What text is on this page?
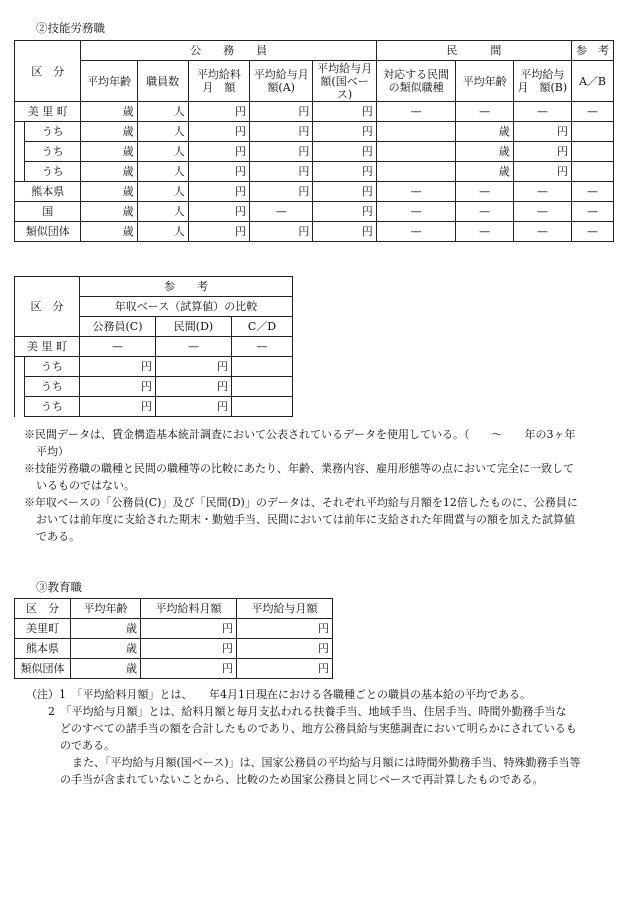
②技能労務職
区　分		公　　務　　員					民　　　間			参　考
		平均年齢	職員数	平均給料月　額	平均給与月　額(A)	平均給与月　額(国ベース)	対応する民間の類似職種	平均年齢	平均給与月　額(B)	A／B
美 里 町		歳	人	円	円	円	—	—	—	—
	うち	歳	人	円	円	円		歳	円	
	うち	歳	人	円	円	円		歳	円	
	うち	歳	人	円	円	円		歳	円	
熊本県		歳	人	円	円	円	—	—	—	—
国		歳	人	円	—	円	—	—	—	—
類似団体		歳	人	円	円	円	—	—	—	—
区　分		参　　考		
		年収ベース（試算値）の比較		
		公務員(C)	民間(D)	C／D
美 里 町		—	—	—
	うち	円	円	
	うち	円	円	
	うち	円	円	
※民間データは、賃金構造基本統計調査において公表されているデータを使用している。（　　〜　　年の3ヶ年
平均）
※技能労務職の職種と民間の職種等の比較にあたり、年齢、業務内容、雇用形態等の点において完全に一致して
いるものではない。
※年収ベースの「公務員(C)」及び「民間(D)」のデータは、それぞれ平均給与月額を12倍したものに、公務員に
おいては前年度に支給された期末・勤勉手当、民間においては前年に支給された年間賞与の額を加えた試算値
である。
③教育職
区　分	平均年齢	平均給料月額	平均給与月額
美里町	歳	円	円
熊本県	歳	円	円
類似団体	歳	円	円
（注）1　「平均給料月額」とは、　　年4月1日現在における各職種ごとの職員の基本給の平均である。
2　「平均給与月額」とは、給料月額と毎月支払われる扶養手当、地域手当、住居手当、時間外勤務手当な
どのすべての諸手当の額を合計したものであり、地方公務員給与実態調査において明らかにされているも
のである。
また、「平均給与月額(国ベース)」は、国家公務員の平均給与月額には時間外勤務手当、特殊勤務手当等
の手当が含まれていないことから、比較のため国家公務員と同じベースで再計算したものである。
